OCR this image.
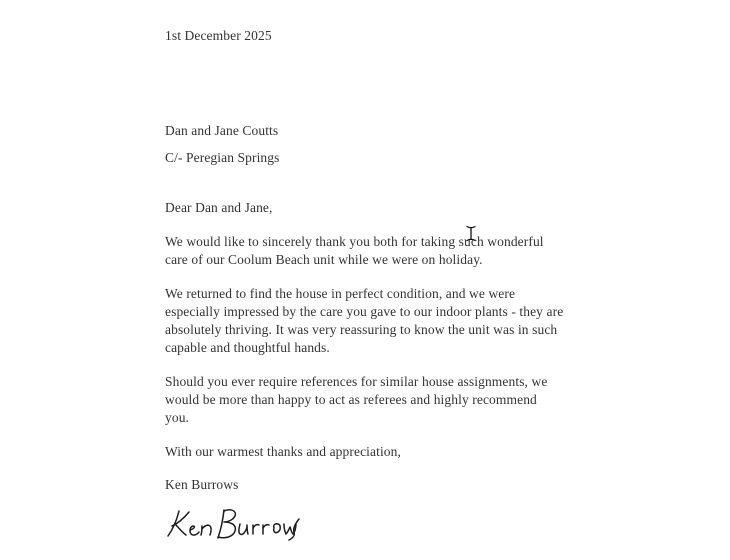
1st December 2025
Dan and Jane Coutts
C/- Peregian Springs
Dear Dan and Jane,
We would like to sincerely thank you both for taking such wonderful
care of our Coolum Beach unit while we were on holiday.
We returned to find the house in perfect condition, and we were
especially impressed by the care you gave to our indoor plants - they are
absolutely thriving. It was very reassuring to know the unit was in such
capable and thoughtful hands.
Should you ever require references for similar house assignments, we
would be more than happy to act as referees and highly recommend
you.
With our warmest thanks and appreciation,
Ken Burrows
